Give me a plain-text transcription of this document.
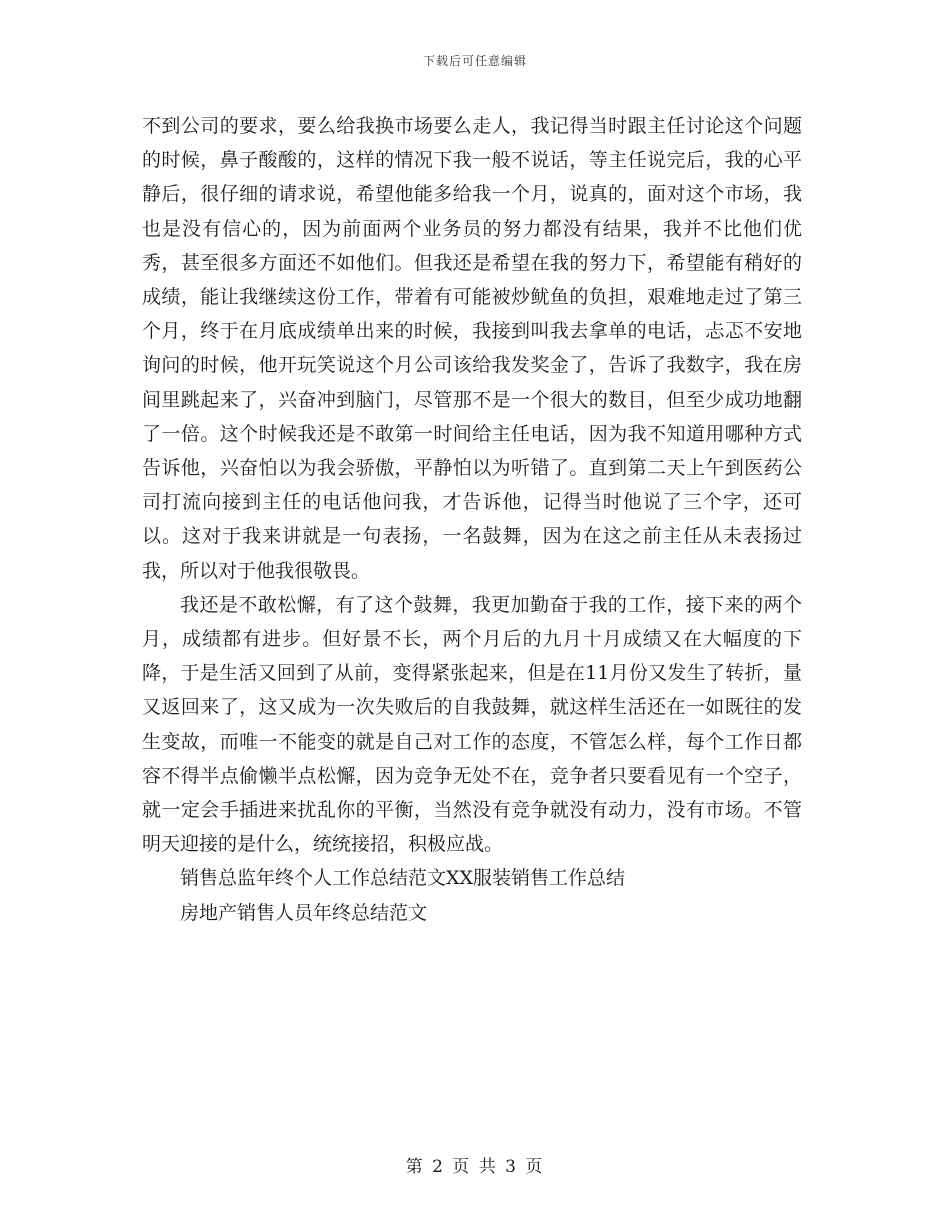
下载后可任意编辑

不到公司的要求，要么给我换市场要么走人，我记得当时跟主任讨论这个问题的时候，鼻子酸酸的，这样的情况下我一般不说话，等主任说完后，我的心平静后，很仔细的请求说，希望他能多给我一个月，说真的，面对这个市场，我也是没有信心的，因为前面两个业务员的努力都没有结果，我并不比他们优秀，甚至很多方面还不如他们。但我还是希望在我的努力下，希望能有稍好的成绩，能让我继续这份工作，带着有可能被炒鱿鱼的负担，艰难地走过了第三个月，终于在月底成绩单出来的时候，我接到叫我去拿单的电话，忐忑不安地询问的时候，他开玩笑说这个月公司该给我发奖金了，告诉了我数字，我在房间里跳起来了，兴奋冲到脑门，尽管那不是一个很大的数目，但至少成功地翻了一倍。这个时候我还是不敢第一时间给主任电话，因为我不知道用哪种方式告诉他，兴奋怕以为我会骄傲，平静怕以为听错了。直到第二天上午到医药公司打流向接到主任的电话他问我，才告诉他，记得当时他说了三个字，还可以。这对于我来讲就是一句表扬，一名鼓舞，因为在这之前主任从未表扬过我，所以对于他我很敬畏。

我还是不敢松懈，有了这个鼓舞，我更加勤奋于我的工作，接下来的两个月，成绩都有进步。但好景不长，两个月后的九月十月成绩又在大幅度的下降，于是生活又回到了从前，变得紧张起来，但是在11月份又发生了转折，量又返回来了，这又成为一次失败后的自我鼓舞，就这样生活还在一如既往的发生变故，而唯一不能变的就是自己对工作的态度，不管怎么样，每个工作日都容不得半点偷懒半点松懈，因为竞争无处不在，竞争者只要看见有一个空子，就一定会手插进来扰乱你的平衡，当然没有竞争就没有动力，没有市场。不管明天迎接的是什么，统统接招，积极应战。

销售总监年终个人工作总结范文XX服装销售工作总结

房地产销售人员年终总结范文

第 2 页 共 3 页
